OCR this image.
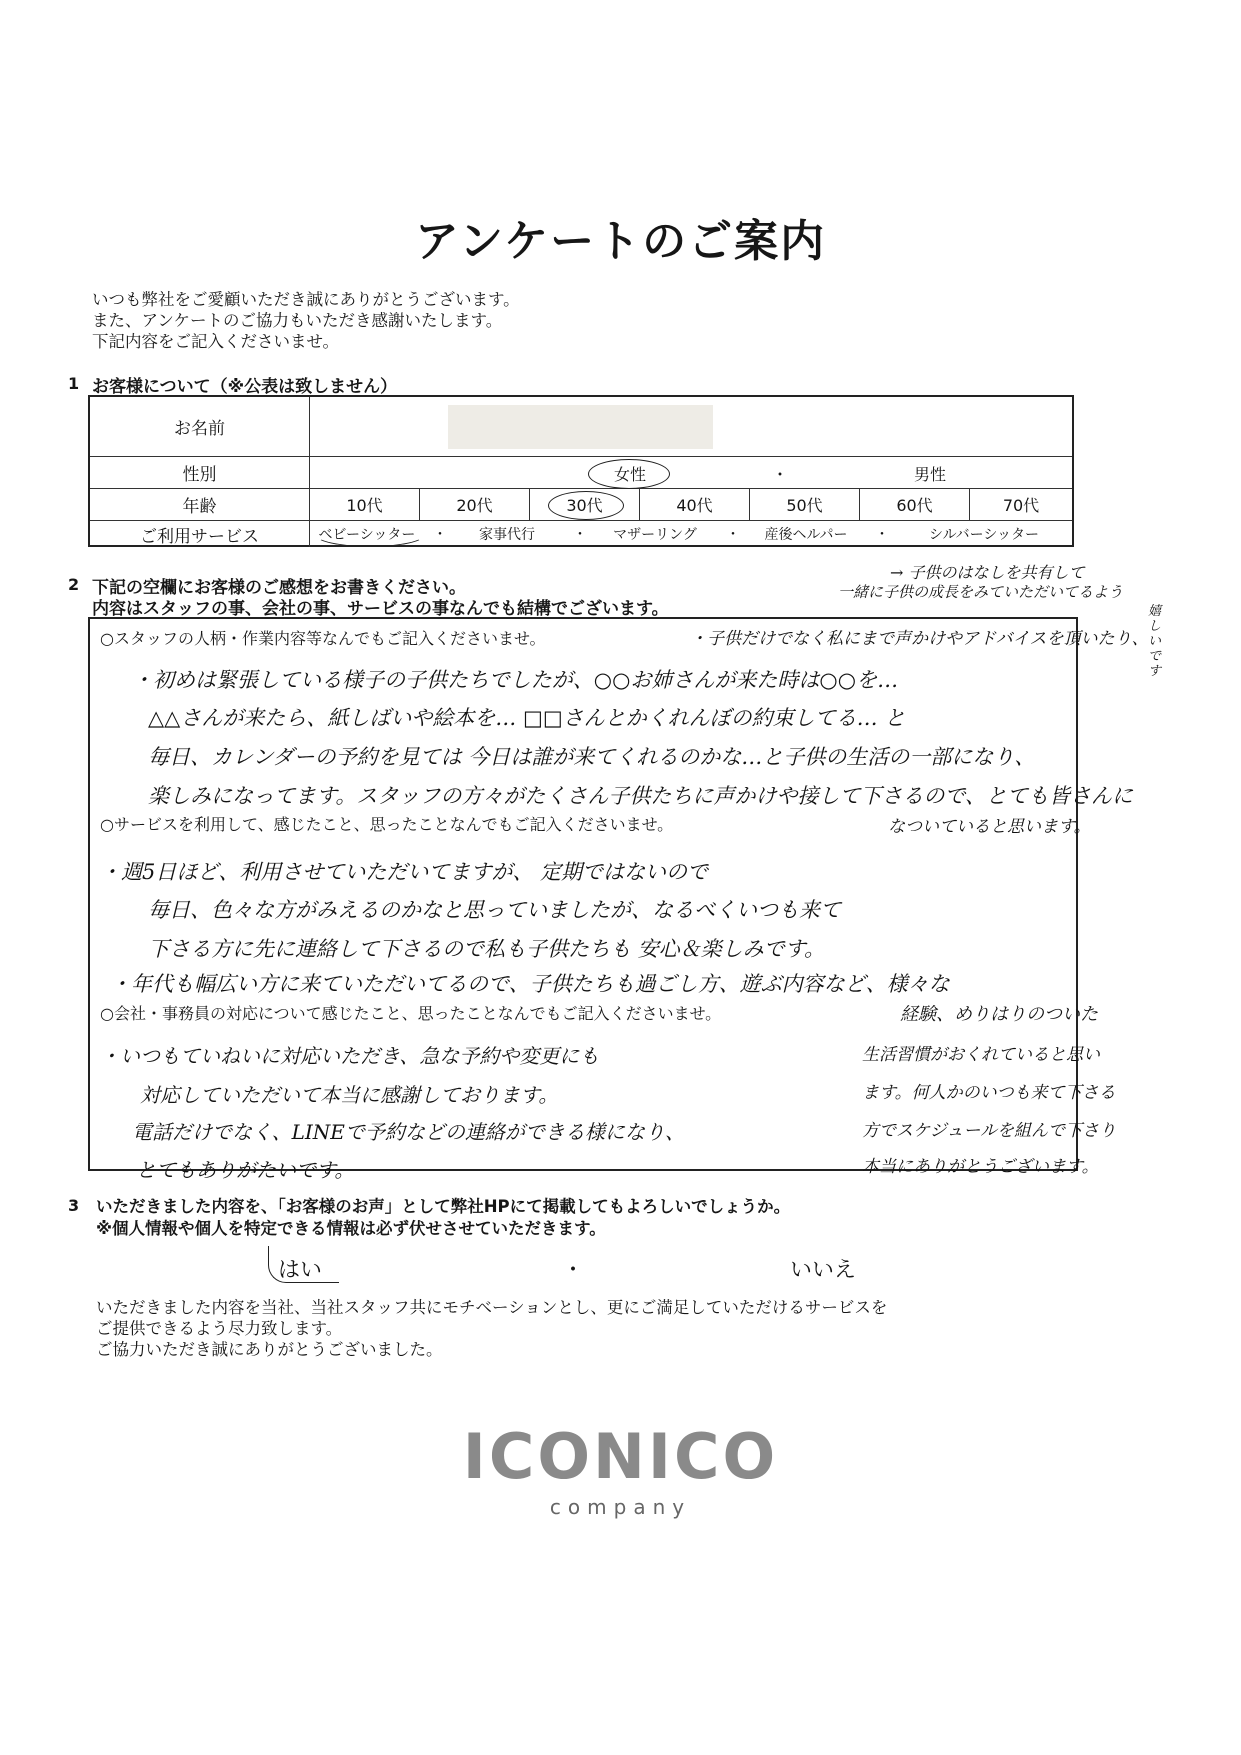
アンケートのご案内
いつも弊社をご愛顧いただき誠にありがとうございます。
また、アンケートのご協力もいただき感謝いたします。
下記内容をご記入くださいませ。
1 お客様について（※公表は致しません）
お名前
性別	女性	・	男性
年齢	10代	20代	30代	40代	50代	60代	70代
ご利用サービス	ベビーシッター	・	家事代行	・	マザーリング	・	産後ヘルパー	・	シルバーシッター
2 下記の空欄にお客様のご感想をお書きください。
内容はスタッフの事、会社の事、サービスの事なんでも結構でございます。
→ 子供のはなしを共有して
一緒に子供の成長をみていただいてるよう
嬉しいです
○スタッフの人柄・作業内容等なんでもご記入くださいませ。	・子供だけでなく私にまで声かけやアドバイスを頂いたり、
・初めは緊張している様子の子供たちでしたが、○○お姉さんが来た時は○○を…
△△さんが来たら、紙しばいや絵本を… □□さんとかくれんぼの約束してる… と
毎日、カレンダーの予約を見ては 今日は誰が来てくれるのかな…と子供の生活の一部になり、
楽しみになってます。スタッフの方々がたくさん子供たちに声かけや接して下さるので、とても皆さんに
○サービスを利用して、感じたこと、思ったことなんでもご記入くださいませ。	なついていると思います。
・週5日ほど、利用させていただいてますが、 定期ではないので
毎日、色々な方がみえるのかなと思っていましたが、なるべくいつも来て
下さる方に先に連絡して下さるので私も子供たちも 安心＆楽しみです。
・年代も幅広い方に来ていただいてるので、子供たちも過ごし方、遊ぶ内容など、様々な
○会社・事務員の対応について感じたこと、思ったことなんでもご記入くださいませ。	経験、めりはりのついた
・いつもていねいに対応いただき、急な予約や変更にも
対応していただいて本当に感謝しております。
電話だけでなく、LINEで予約などの連絡ができる様になり、
とてもありがたいです。
生活習慣がおくれていると思い
ます。何人かのいつも来て下さる
方でスケジュールを組んで下さり
本当にありがとうございます。
3 いただきました内容を、「お客様のお声」として弊社HPにて掲載してもよろしいでしょうか。
※個人情報や個人を特定できる情報は必ず伏せさせていただきます。
はい	・	いいえ
いただきました内容を当社、当社スタッフ共にモチベーションとし、更にご満足していただけるサービスを
ご提供できるよう尽力致します。
ご協力いただき誠にありがとうございました。
ICONICO
company
